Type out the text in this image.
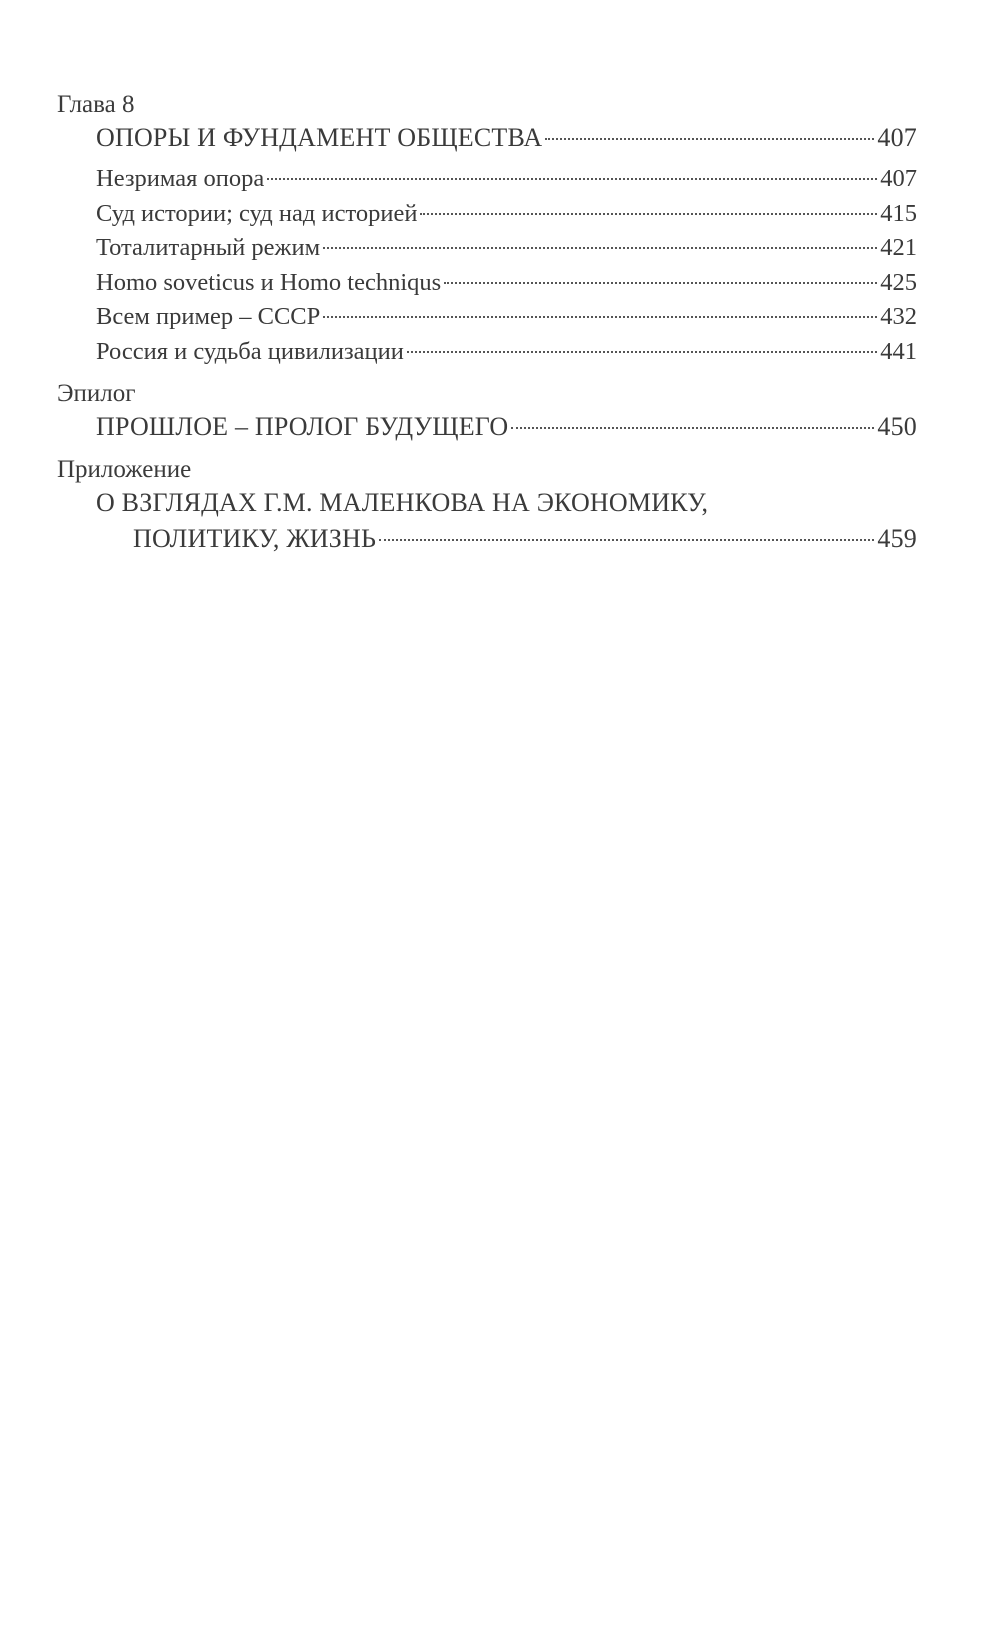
Глава 8
ОПОРЫ И ФУНДАМЕНТ ОБЩЕСТВА	407
Незримая опора	407
Суд истории; суд над историей	415
Тоталитарный режим	421
Homo soveticus и Homo techniqus	425
Всем пример – СССР	432
Россия и судьба цивилизации	441
Эпилог
ПРОШЛОЕ – ПРОЛОГ БУДУЩЕГО	450
Приложение
О ВЗГЛЯДАХ Г.М. МАЛЕНКОВА НА ЭКОНОМИКУ,
ПОЛИТИКУ, ЖИЗНЬ	459
